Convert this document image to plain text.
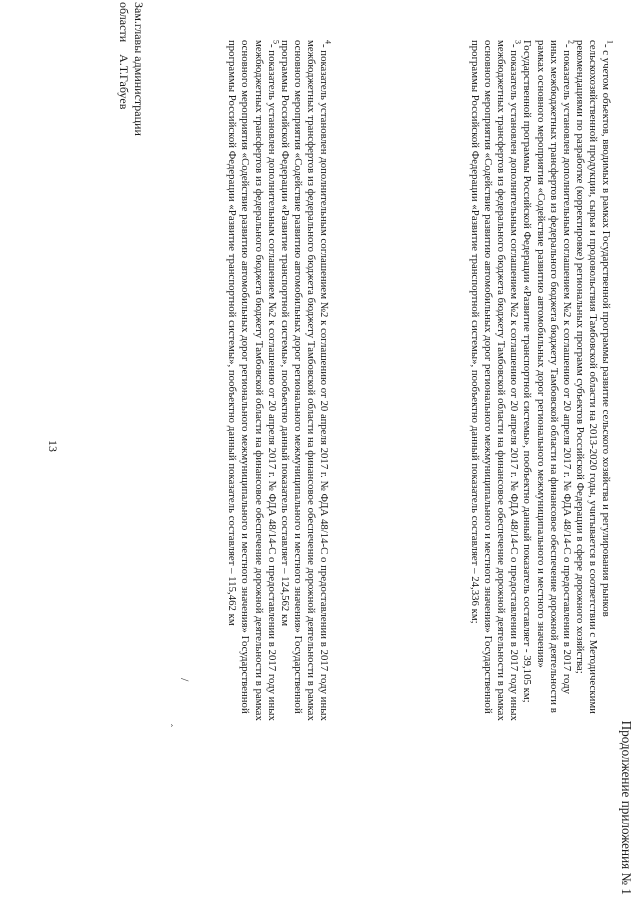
Продолжение приложения № 1
13

$^1$- с учетом объектов, вводимых в рамках Государственной программы развитие сельского хозяйства и регулирования рынков

сельскохозяйственной продукции, сырья и продовольствия Тамбовской области на 2013-2020 годы, учитывается в соответствии с Методическими

рекомендациями по разработке (корректировке) региональных программ субъектов Российской Федерации в сфере дорожного хозяйства;

$^2$- показатель установлен дополнительным соглашением №2 к соглашению от 20 апреля 2017 г. № ФДА 48/14-С о предоставлении в 2017 году

иных межбюджетных трансфертов из федерального бюджета бюджету Тамбовской области на финансовое обеспечение дорожной деятельности в

рамках основного мероприятия «Содействие развитию автомобильных дорог регионального межмуниципального и местного значения»

Государственной программы Российской Федерации «Развитие транспортной системы», пообъектно данный показатель составляет - 39,105 км;

$^3$- показатель установлен дополнительным соглашением №2 к соглашению от 20 апреля 2017 г. № ФДА 48/14-С о предоставлении в 2017 году иных

межбюджетных трансфертов из федерального бюджета бюджету Тамбовской области на финансовое обеспечение дорожной деятельности в рамках

основного мероприятия «Содействие развитию автомобильных дорог регионального межмуниципального и местного значения» Государственной

программы Российской Федерации «Развитие транспортной системы», пообъектно данный показатель составляет – 24,336 км;

$^4$- показатель установлен дополнительным соглашением №2 к соглашению от 20 апреля 2017 г. № ФДА 48/14-С о предоставлении в 2017 году иных

межбюджетных трансфертов из федерального бюджета бюджету Тамбовской области на финансовое обеспечение дорожной деятельности в рамках

основного мероприятия «Содействие развитию автомобильных дорог регионального межмуниципального и местного значения» Государственной

программы Российской Федерации «Развитие транспортной системы», пообъектно данный показатель составляет – 124,562 км

$^5$- показатель установлен дополнительным соглашением №2 к соглашению от 20 апреля 2017 г. № ФДА 48/14-С о предоставлении в 2017 году иных

межбюджетных трансфертов из федерального бюджета бюджету Тамбовской области на финансовое обеспечение дорожной деятельности в рамках

основного мероприятия «Содействие развитию автомобильных дорог регионального межмуниципального и местного значения» Государственной

программы Российской Федерации «Развитие транспортной системы», пообъектно данный показатель составляет – 115,462 км

/
‸
Зам.главы администрации
областиА.Т.Габуев
